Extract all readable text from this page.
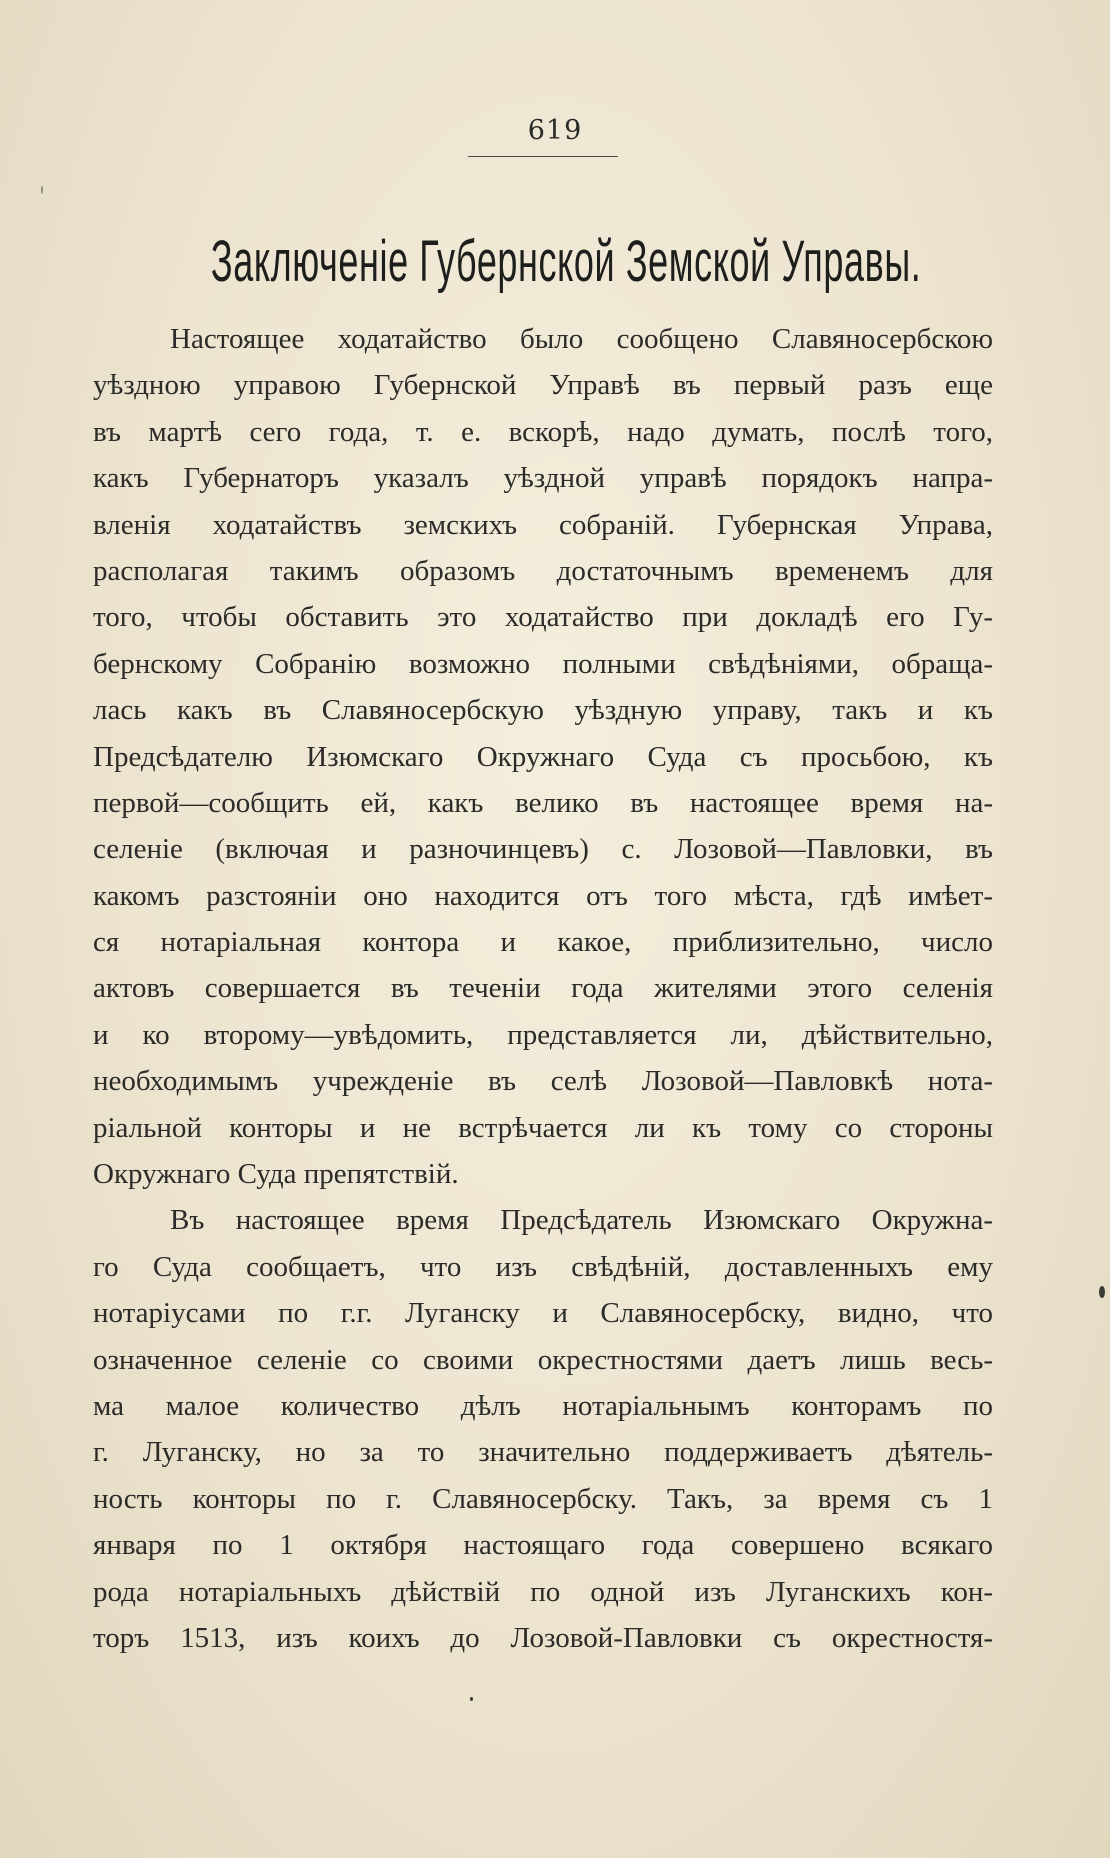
619
Заключеніе Губернской Земской Управы.
Настоящее ходатайство было сообщено Славяносербскою
уѣздною управою Губернской Управѣ въ первый разъ еще
въ мартѣ сего года, т. е. вскорѣ, надо думать, послѣ того,
какъ Губернаторъ указалъ уѣздной управѣ порядокъ напра-
вленія ходатайствъ земскихъ собраній. Губернская Управа,
располагая такимъ образомъ достаточнымъ временемъ для
того, чтобы обставить это ходатайство при докладѣ его Гу-
бернскому Собранію возможно полными свѣдѣніями, обраща-
лась какъ въ Славяносербскую уѣздную управу, такъ и къ
Предсѣдателю Изюмскаго Окружнаго Суда съ просьбою, къ
первой—сообщить ей, какъ велико въ настоящее время на-
селеніе (включая и разночинцевъ) с. Лозовой—Павловки, въ
какомъ разстояніи оно находится отъ того мѣста, гдѣ имѣет-
ся нотаріальная контора и какое, приблизительно, число
актовъ совершается въ теченіи года жителями этого селенія
и ко второму—увѣдомить, представляется ли, дѣйствительно,
необходимымъ учрежденіе въ селѣ Лозовой—Павловкѣ нота-
ріальной конторы и не встрѣчается ли къ тому со стороны
Окружнаго Суда препятствій.
Въ настоящее время Предсѣдатель Изюмскаго Окружна-
го Суда сообщаетъ, что изъ свѣдѣній, доставленныхъ ему
нотаріусами по г.г. Луганску и Славяносербску, видно, что
означенное селеніе со своими окрестностями даетъ лишь весь-
ма малое количество дѣлъ нотаріальнымъ конторамъ по
г. Луганску, но за то значительно поддерживаетъ дѣятель-
ность конторы по г. Славяносербску. Такъ, за время съ 1
января по 1 октября настоящаго года совершено всякаго
рода нотаріальныхъ дѣйствій по одной изъ Луганскихъ кон-
торъ 1513, изъ коихъ до Лозовой-Павловки съ окрестностя-
